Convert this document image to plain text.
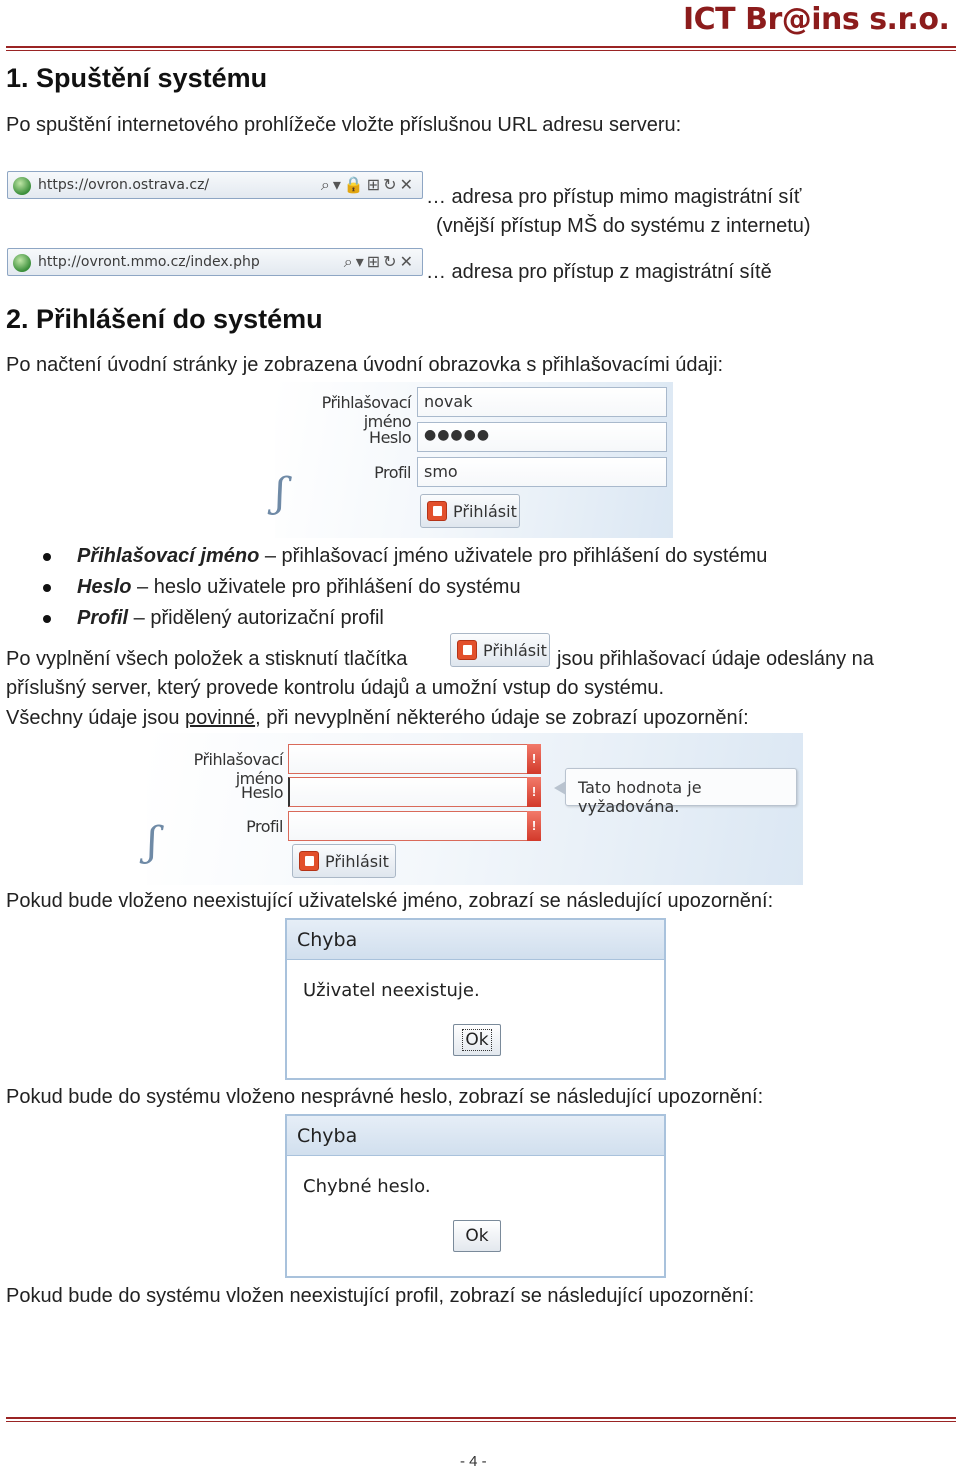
ICT Br@ins s.r.o.
1. Spuštění systému
Po spuštění internetového prohlížeče vložte příslušnou URL adresu serveru:
https://ovron.ostrava.cz/	⌕▾🔒⊞↻✕
http://ovront.mmo.cz/index.php	⌕▾⊞↻✕
… adresa pro přístup mimo magistrátní síť
(vnější přístup MŠ do systému z internetu)
… adresa pro přístup z magistrátní sítě
2. Přihlášení do systému
Po načtení úvodní stránky je zobrazena úvodní obrazovka s přihlašovacími údaji:
Přihlašovací jméno
novak
Heslo ●●●●●
Profil smo
ʃ	Přihlásit
Přihlašovací jméno – přihlašovací jméno uživatele pro přihlášení do systému
Heslo – heslo uživatele pro přihlášení do systému
Profil – přidělený autorizační profil
Po vyplnění všech položek a stisknutí tlačítka	Přihlásit jsou přihlašovací údaje odeslány na
příslušný server, který provede kontrolu údajů a umožní vstup do systému.
Všechny údaje jsou povinné, při nevyplnění některého údaje se zobrazí upozornění:
Přihlašovací jméno
!
Heslo	!
Profil	!
Tato hodnota je vyžadována.
ʃ	Přihlásit
Pokud bude vloženo neexistující uživatelské jméno, zobrazí se následující upozornění:
Chyba
Uživatel neexistuje.
Ok
Pokud bude do systému vloženo nesprávné heslo, zobrazí se následující upozornění:
Chyba
Chybné heslo.
Ok
Pokud bude do systému vložen neexistující profil, zobrazí se následující upozornění:
- 4 -
